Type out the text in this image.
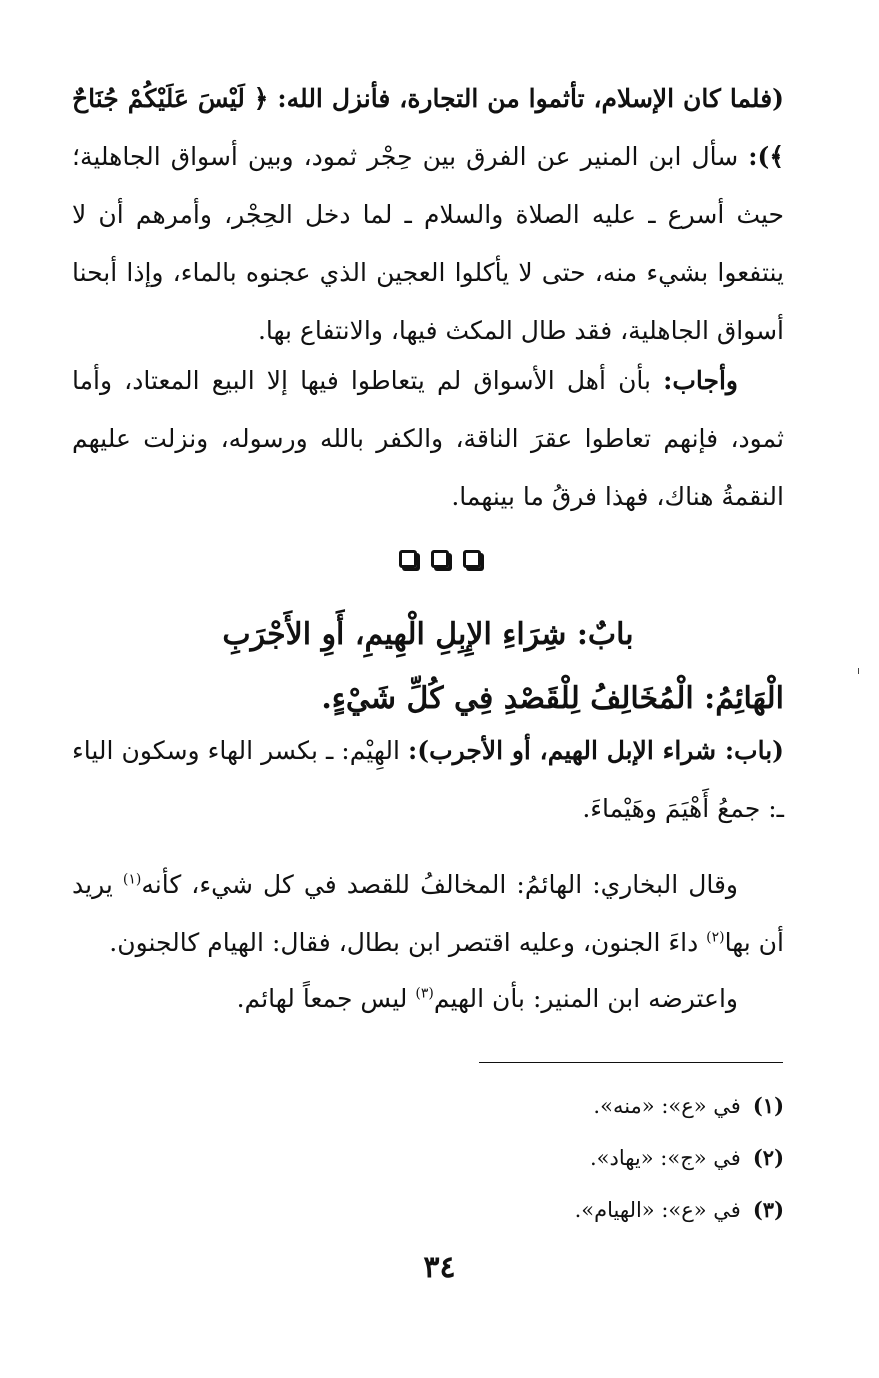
(فلما كان الإسلام، تأثموا من التجارة، فأنزل الله: ﴿ لَيْسَ عَلَيْكُمْ جُنَاحٌ ﴾): سأل ابن المنير عن الفرق بين حِجْر ثمود، وبين أسواق الجاهلية؛ حيث أسرع ـ عليه الصلاة والسلام ـ لما دخل الحِجْر، وأمرهم أن لا ينتفعوا بشيء منه، حتى لا يأكلوا العجين الذي عجنوه بالماء، وإذا أبحنا أسواق الجاهلية، فقد طال المكث فيها، والانتفاع بها.
وأجاب: بأن أهل الأسواق لم يتعاطوا فيها إلا البيع المعتاد، وأما ثمود، فإنهم تعاطوا عقرَ الناقة، والكفر بالله ورسوله، ونزلت عليهم النقمةُ هناك، فهذا فرقُ ما بينهما.
بابٌ: شِرَاءِ الإِبِلِ الْهِيمِ، أَوِ الأَجْرَبِ
الْهَائِمُ: الْمُخَالِفُ لِلْقَصْدِ فِي كُلِّ شَيْءٍ.
(باب: شراء الإبل الهيم، أو الأجرب): الهِيْم: ـ بكسر الهاء وسكون الياء ـ: جمعُ أَهْيَمَ وهَيْماءَ.
وقال البخاري: الهائمُ: المخالفُ للقصد في كل شيء، كأنه$^{(١)}$ يريد أن بها$^{(٢)}$ داءَ الجنون، وعليه اقتصر ابن بطال، فقال: الهيام كالجنون.
واعترضه ابن المنير: بأن الهيم$^{(٣)}$ ليس جمعاً لهائم.
(١)في «ع»: «منه».
(٢)في «ج»: «يهاد».
(٣)في «ع»: «الهيام».
٣٤
